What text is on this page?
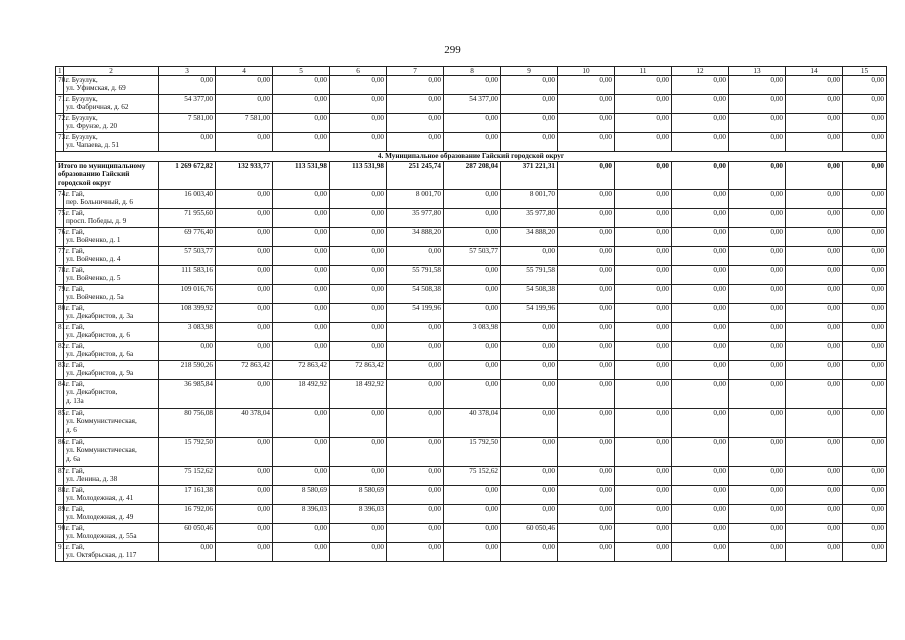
299
1	2	3	4	5	6	7	8	9	10	11	12	13	14	15
70.	г. Бузулук,
ул. Уфимская, д. 69	0,00	0,00	0,00	0,00	0,00	0,00	0,00	0,00	0,00	0,00	0,00	0,00	0,00
71.	г. Бузулук,
ул. Фабричная, д. 62	54 377,00	0,00	0,00	0,00	0,00	54 377,00	0,00	0,00	0,00	0,00	0,00	0,00	0,00
72.	г. Бузулук,
ул. Фрунзе, д. 20	7 581,00	7 581,00	0,00	0,00	0,00	0,00	0,00	0,00	0,00	0,00	0,00	0,00	0,00
73.	г. Бузулук,
ул. Чапаева, д. 51	0,00	0,00	0,00	0,00	0,00	0,00	0,00	0,00	0,00	0,00	0,00	0,00	0,00
4. Муниципальное образование Гайский городской округ														
Итого по муниципальному образованию Гайский городской округ		1 269 672,82	132 933,77	113 531,98	113 531,98	251 245,74	287 208,04	371 221,31	0,00	0,00	0,00	0,00	0,00	0,00
74.	г. Гай,
пер. Больничный, д. 6	16 003,40	0,00	0,00	0,00	8 001,70	0,00	8 001,70	0,00	0,00	0,00	0,00	0,00	0,00
75.	г. Гай,
просп. Победы, д. 9	71 955,60	0,00	0,00	0,00	35 977,80	0,00	35 977,80	0,00	0,00	0,00	0,00	0,00	0,00
76.	г. Гай,
ул. Войченко, д. 1	69 776,40	0,00	0,00	0,00	34 888,20	0,00	34 888,20	0,00	0,00	0,00	0,00	0,00	0,00
77.	г. Гай,
ул. Войченко, д. 4	57 503,77	0,00	0,00	0,00	0,00	57 503,77	0,00	0,00	0,00	0,00	0,00	0,00	0,00
78.	г. Гай,
ул. Войченко, д. 5	111 583,16	0,00	0,00	0,00	55 791,58	0,00	55 791,58	0,00	0,00	0,00	0,00	0,00	0,00
79.	г. Гай,
ул. Войченко, д. 5а	109 016,76	0,00	0,00	0,00	54 508,38	0,00	54 508,38	0,00	0,00	0,00	0,00	0,00	0,00
80.	г. Гай,
ул. Декабристов, д. 3а	108 399,92	0,00	0,00	0,00	54 199,96	0,00	54 199,96	0,00	0,00	0,00	0,00	0,00	0,00
81.	г. Гай,
ул. Декабристов, д. 6	3 083,98	0,00	0,00	0,00	0,00	3 083,98	0,00	0,00	0,00	0,00	0,00	0,00	0,00
82.	г. Гай,
ул. Декабристов, д. 6а	0,00	0,00	0,00	0,00	0,00	0,00	0,00	0,00	0,00	0,00	0,00	0,00	0,00
83.	г. Гай,
ул. Декабристов, д. 9а	218 590,26	72 863,42	72 863,42	72 863,42	0,00	0,00	0,00	0,00	0,00	0,00	0,00	0,00	0,00
84.	г. Гай,
ул. Декабристов,
д. 13а	36 985,84	0,00	18 492,92	18 492,92	0,00	0,00	0,00	0,00	0,00	0,00	0,00	0,00	0,00
85.	г. Гай,
ул. Коммунистическая,
д. 6	80 756,08	40 378,04	0,00	0,00	0,00	40 378,04	0,00	0,00	0,00	0,00	0,00	0,00	0,00
86.	г. Гай,
ул. Коммунистическая,
д. 6а	15 792,50	0,00	0,00	0,00	0,00	15 792,50	0,00	0,00	0,00	0,00	0,00	0,00	0,00
87.	г. Гай,
ул. Ленина, д. 38	75 152,62	0,00	0,00	0,00	0,00	75 152,62	0,00	0,00	0,00	0,00	0,00	0,00	0,00
88.	г. Гай,
ул. Молодежная, д. 41	17 161,38	0,00	8 580,69	8 580,69	0,00	0,00	0,00	0,00	0,00	0,00	0,00	0,00	0,00
89.	г. Гай,
ул. Молодежная, д. 49	16 792,06	0,00	8 396,03	8 396,03	0,00	0,00	0,00	0,00	0,00	0,00	0,00	0,00	0,00
90.	г. Гай,
ул. Молодежная, д. 55а	60 050,46	0,00	0,00	0,00	0,00	0,00	60 050,46	0,00	0,00	0,00	0,00	0,00	0,00
91.	г. Гай,
ул. Октябрьская, д. 117	0,00	0,00	0,00	0,00	0,00	0,00	0,00	0,00	0,00	0,00	0,00	0,00	0,00
